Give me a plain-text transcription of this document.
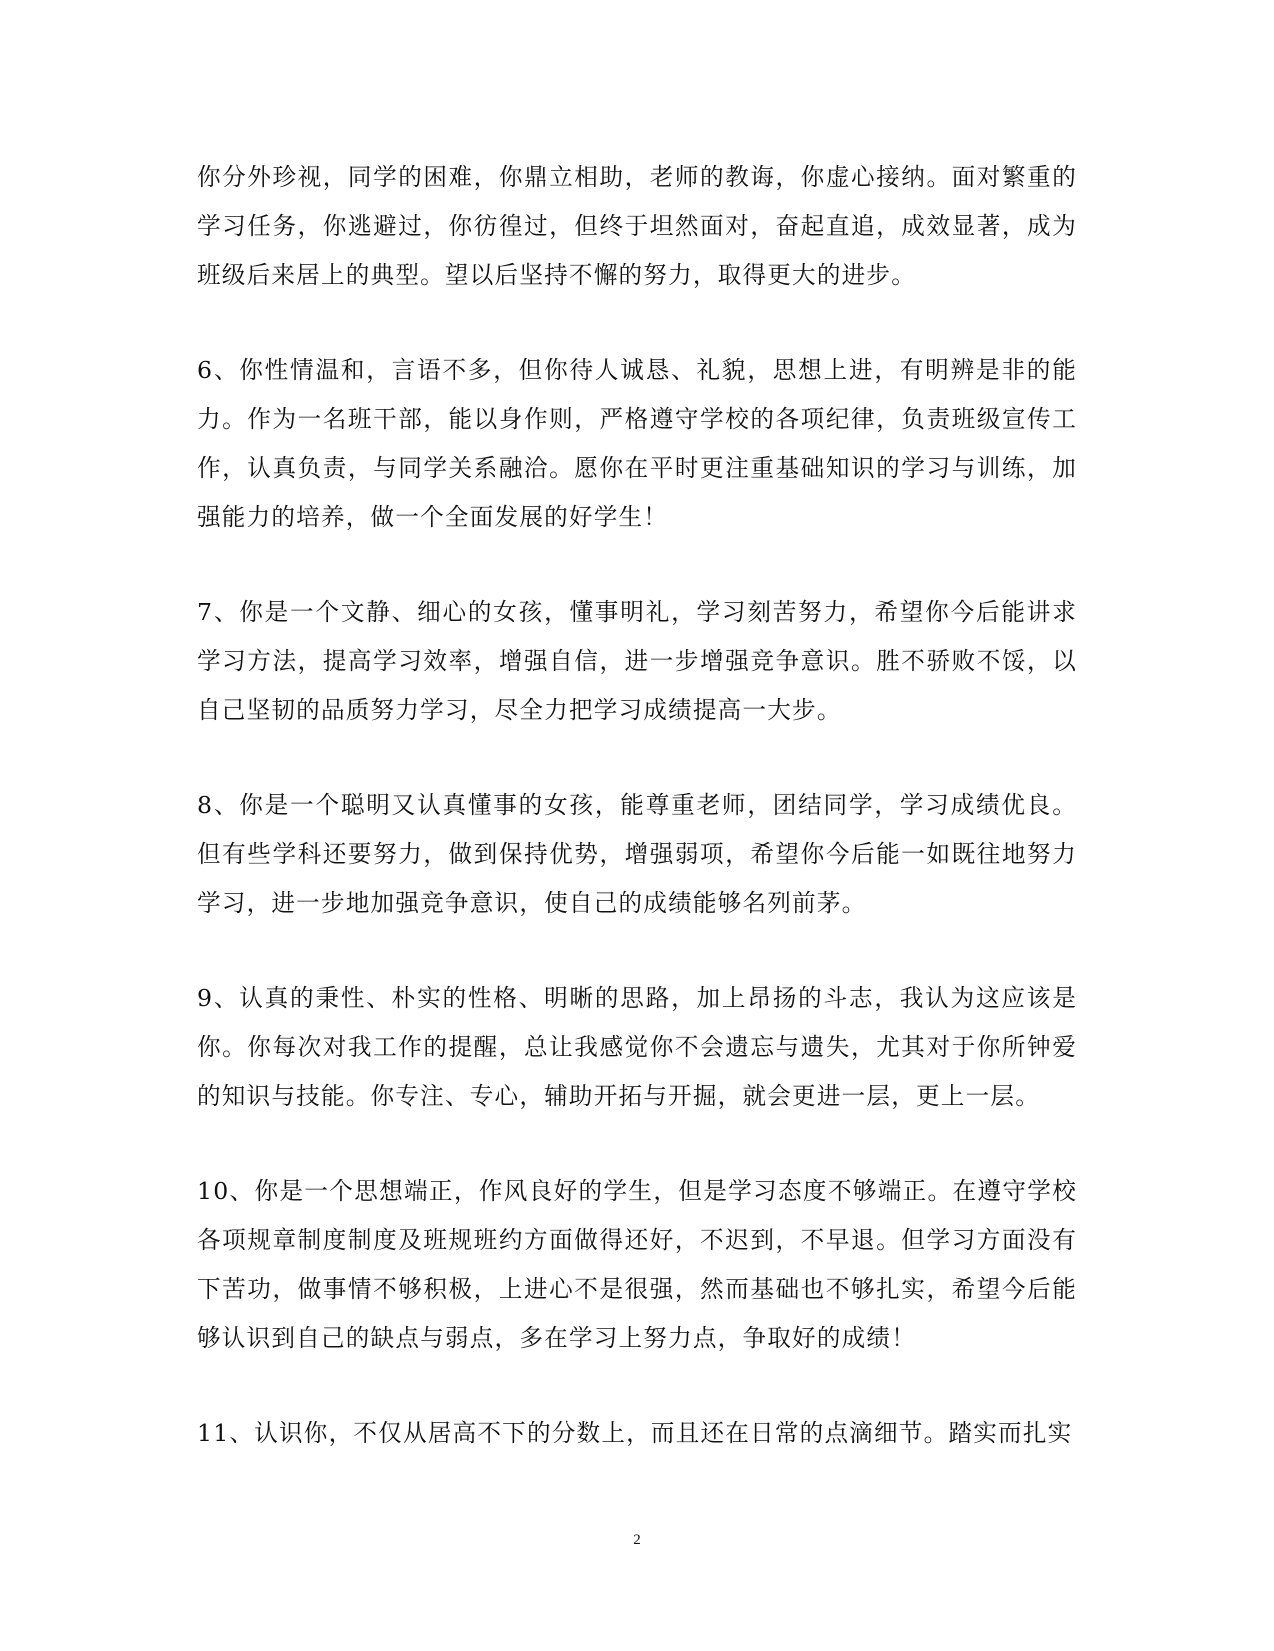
你分外珍视，同学的困难，你鼎立相助，老师的教诲，你虚心接纳。面对繁重的学习任务，你逃避过，你彷徨过，但终于坦然面对，奋起直追，成效显著，成为班级后来居上的典型。望以后坚持不懈的努力，取得更大的进步。

6、你性情温和，言语不多，但你待人诚恳、礼貌，思想上进，有明辨是非的能力。作为一名班干部，能以身作则，严格遵守学校的各项纪律，负责班级宣传工作，认真负责，与同学关系融洽。愿你在平时更注重基础知识的学习与训练，加强能力的培养，做一个全面发展的好学生！

7、你是一个文静、细心的女孩，懂事明礼，学习刻苦努力，希望你今后能讲求学习方法，提高学习效率，增强自信，进一步增强竞争意识。胜不骄败不馁，以自己坚韧的品质努力学习，尽全力把学习成绩提高一大步。

8、你是一个聪明又认真懂事的女孩，能尊重老师，团结同学，学习成绩优良。但有些学科还要努力，做到保持优势，增强弱项，希望你今后能一如既往地努力学习，进一步地加强竞争意识，使自己的成绩能够名列前茅。

9、认真的秉性、朴实的性格、明晰的思路，加上昂扬的斗志，我认为这应该是你。你每次对我工作的提醒，总让我感觉你不会遗忘与遗失，尤其对于你所钟爱的知识与技能。你专注、专心，辅助开拓与开掘，就会更进一层，更上一层。

10、你是一个思想端正，作风良好的学生，但是学习态度不够端正。在遵守学校各项规章制度制度及班规班约方面做得还好，不迟到，不早退。但学习方面没有下苦功，做事情不够积极，上进心不是很强，然而基础也不够扎实，希望今后能够认识到自己的缺点与弱点，多在学习上努力点，争取好的成绩！

11、认识你，不仅从居高不下的分数上，而且还在日常的点滴细节。踏实而扎实

2
